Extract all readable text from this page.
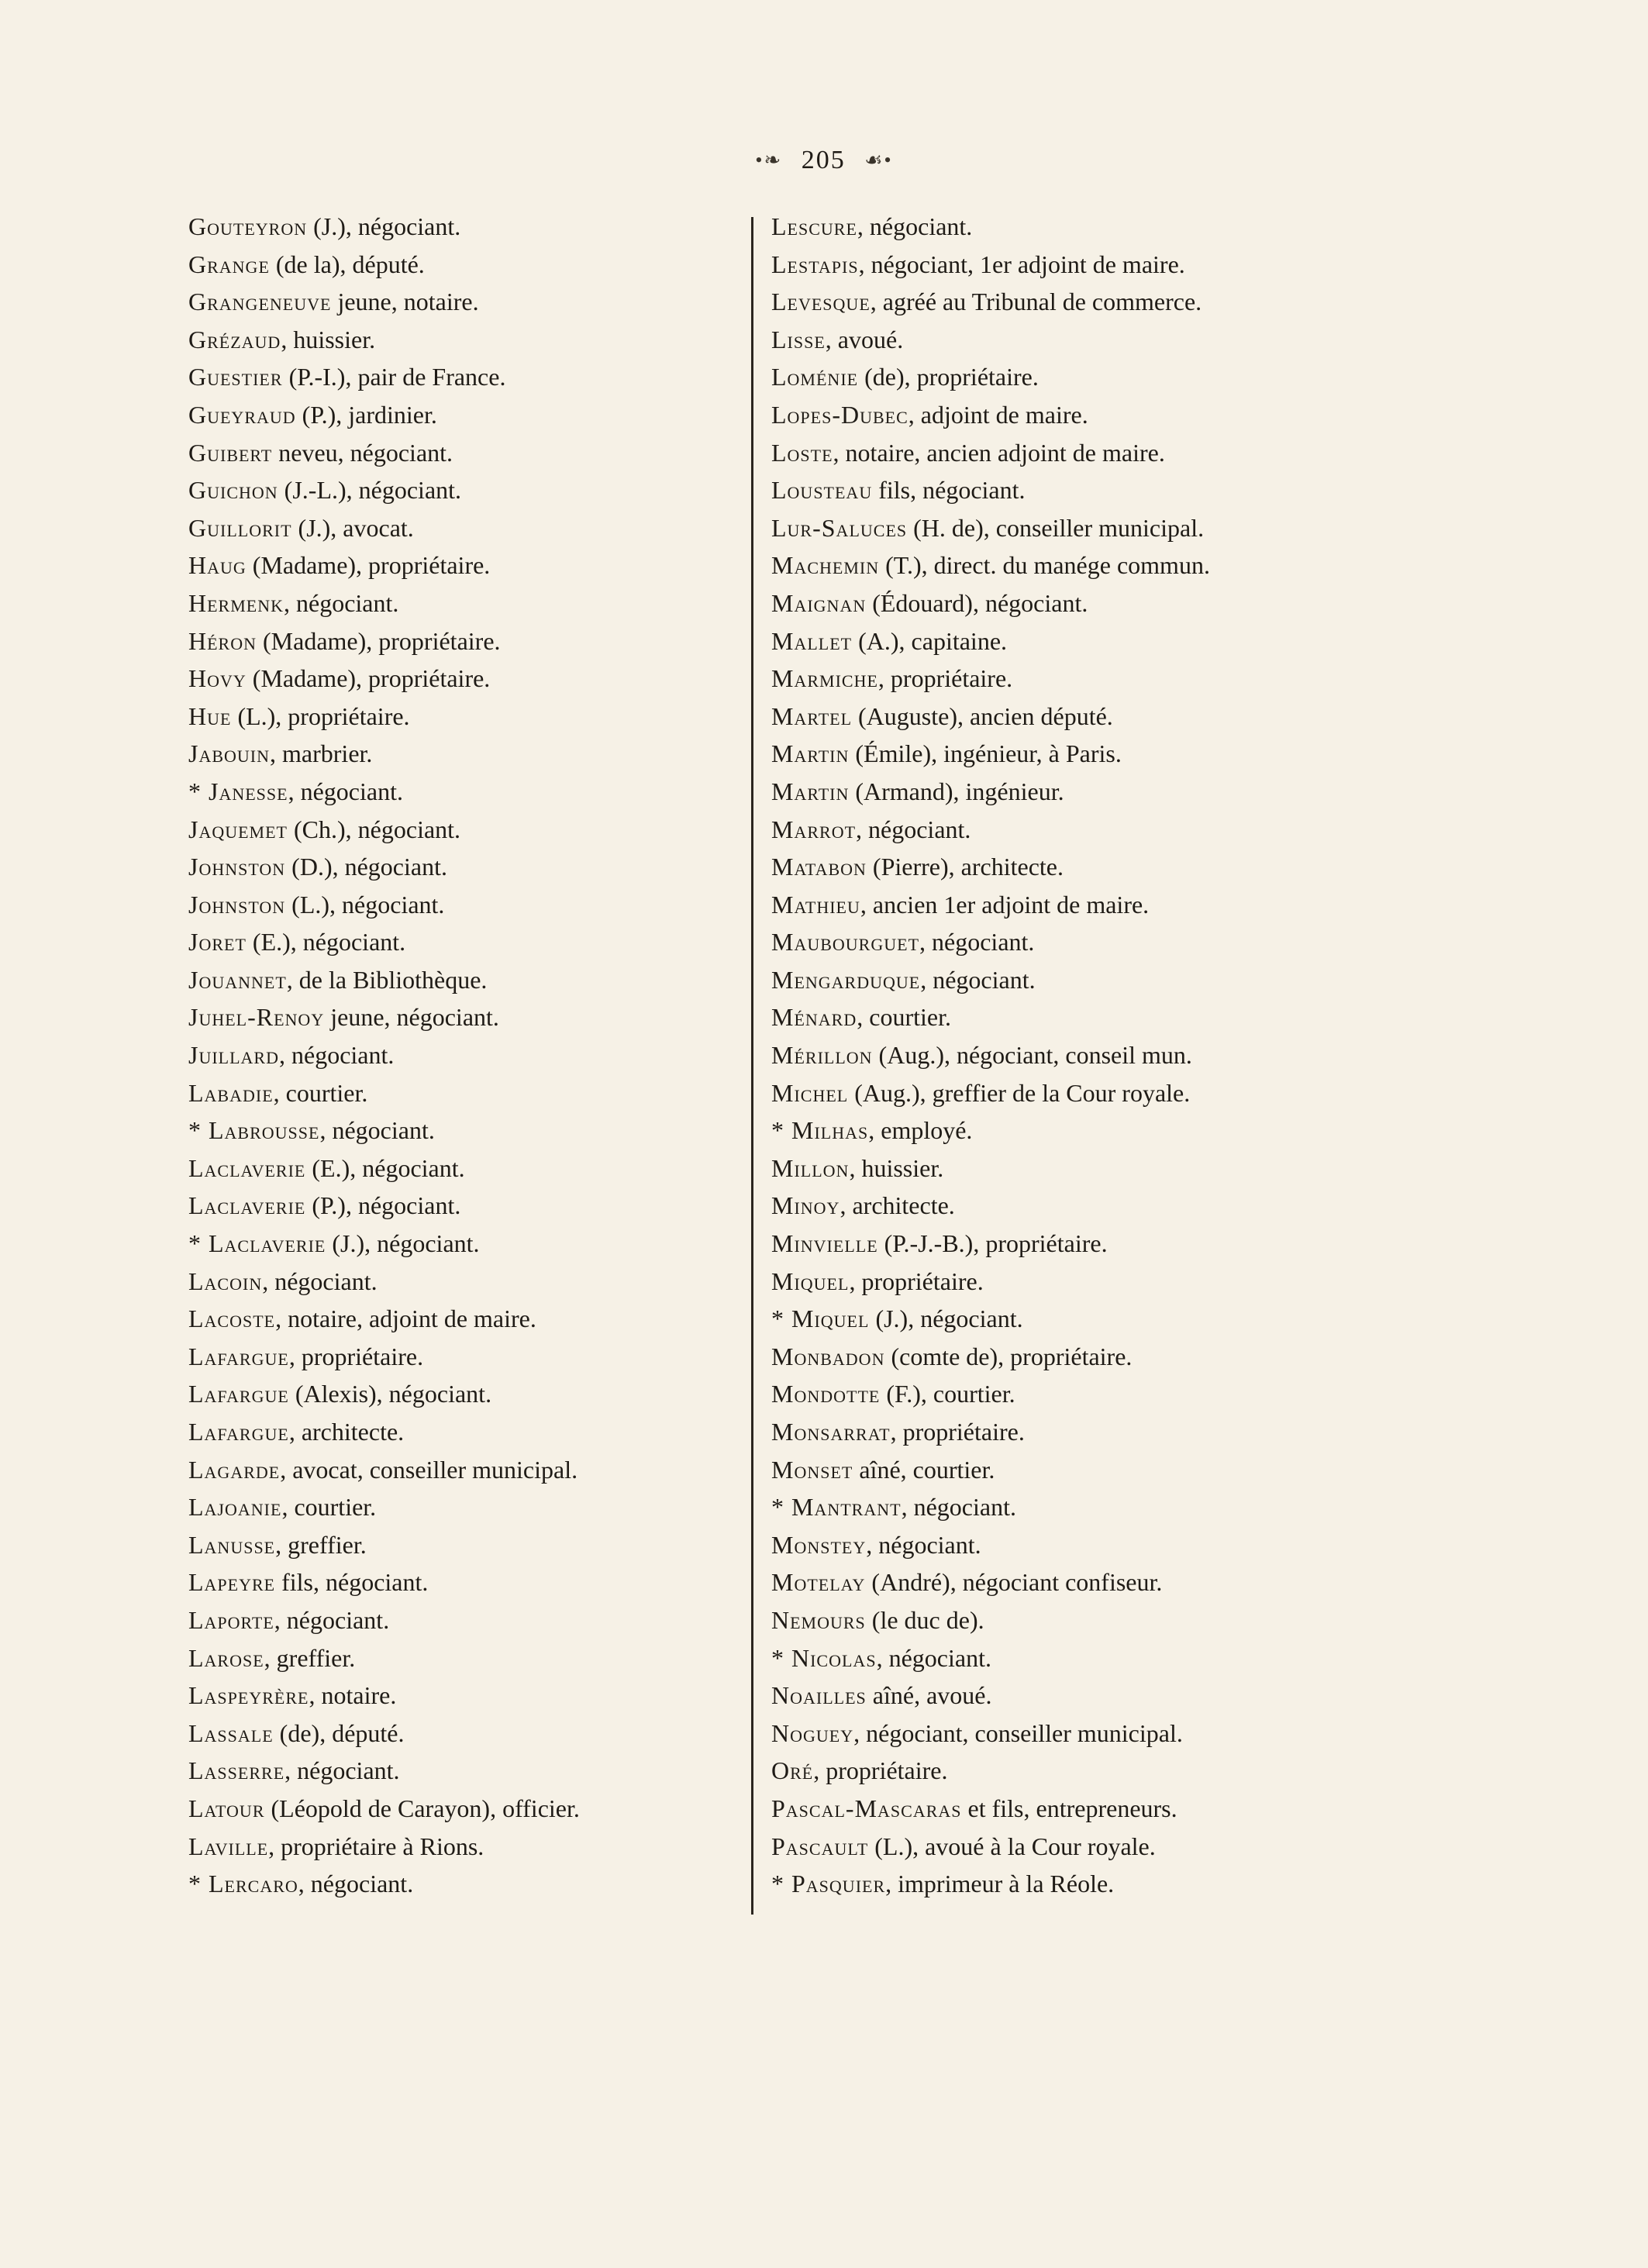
•❧ 205 ☙•
Gouteyron (J.), négociant.
Grange (de la), député.
Grangeneuve jeune, notaire.
Grézaud, huissier.
Guestier (P.-I.), pair de France.
Gueyraud (P.), jardinier.
Guibert neveu, négociant.
Guichon (J.-L.), négociant.
Guillorit (J.), avocat.
Haug (Madame), propriétaire.
Hermenk, négociant.
Héron (Madame), propriétaire.
Hovy (Madame), propriétaire.
Hue (L.), propriétaire.
Jabouin, marbrier.
* Janesse, négociant.
Jaquemet (Ch.), négociant.
Johnston (D.), négociant.
Johnston (L.), négociant.
Joret (E.), négociant.
Jouannet, de la Bibliothèque.
Juhel-Renoy jeune, négociant.
Juillard, négociant.
Labadie, courtier.
* Labrousse, négociant.
Laclaverie (E.), négociant.
Laclaverie (P.), négociant.
* Laclaverie (J.), négociant.
Lacoin, négociant.
Lacoste, notaire, adjoint de maire.
Lafargue, propriétaire.
Lafargue (Alexis), négociant.
Lafargue, architecte.
Lagarde, avocat, conseiller municipal.
Lajoanie, courtier.
Lanusse, greffier.
Lapeyre fils, négociant.
Laporte, négociant.
Larose, greffier.
Laspeyrère, notaire.
Lassale (de), député.
Lasserre, négociant.
Latour (Léopold de Carayon), officier.
Laville, propriétaire à Rions.
* Lercaro, négociant.
Lescure, négociant.
Lestapis, négociant, 1er adjoint de maire.
Levesque, agréé au Tribunal de commerce.
Lisse, avoué.
Loménie (de), propriétaire.
Lopes-Dubec, adjoint de maire.
Loste, notaire, ancien adjoint de maire.
Lousteau fils, négociant.
Lur-Saluces (H. de), conseiller municipal.
Machemin (T.), direct. du manége commun.
Maignan (Édouard), négociant.
Mallet (A.), capitaine.
Marmiche, propriétaire.
Martel (Auguste), ancien député.
Martin (Émile), ingénieur, à Paris.
Martin (Armand), ingénieur.
Marrot, négociant.
Matabon (Pierre), architecte.
Mathieu, ancien 1er adjoint de maire.
Maubourguet, négociant.
Mengarduque, négociant.
Ménard, courtier.
Mérillon (Aug.), négociant, conseil mun.
Michel (Aug.), greffier de la Cour royale.
* Milhas, employé.
Millon, huissier.
Minoy, architecte.
Minvielle (P.-J.-B.), propriétaire.
Miquel, propriétaire.
* Miquel (J.), négociant.
Monbadon (comte de), propriétaire.
Mondotte (F.), courtier.
Monsarrat, propriétaire.
Monset aîné, courtier.
* Mantrant, négociant.
Monstey, négociant.
Motelay (André), négociant confiseur.
Nemours (le duc de).
* Nicolas, négociant.
Noailles aîné, avoué.
Noguey, négociant, conseiller municipal.
Oré, propriétaire.
Pascal-Mascaras et fils, entrepreneurs.
Pascault (L.), avoué à la Cour royale.
* Pasquier, imprimeur à la Réole.
